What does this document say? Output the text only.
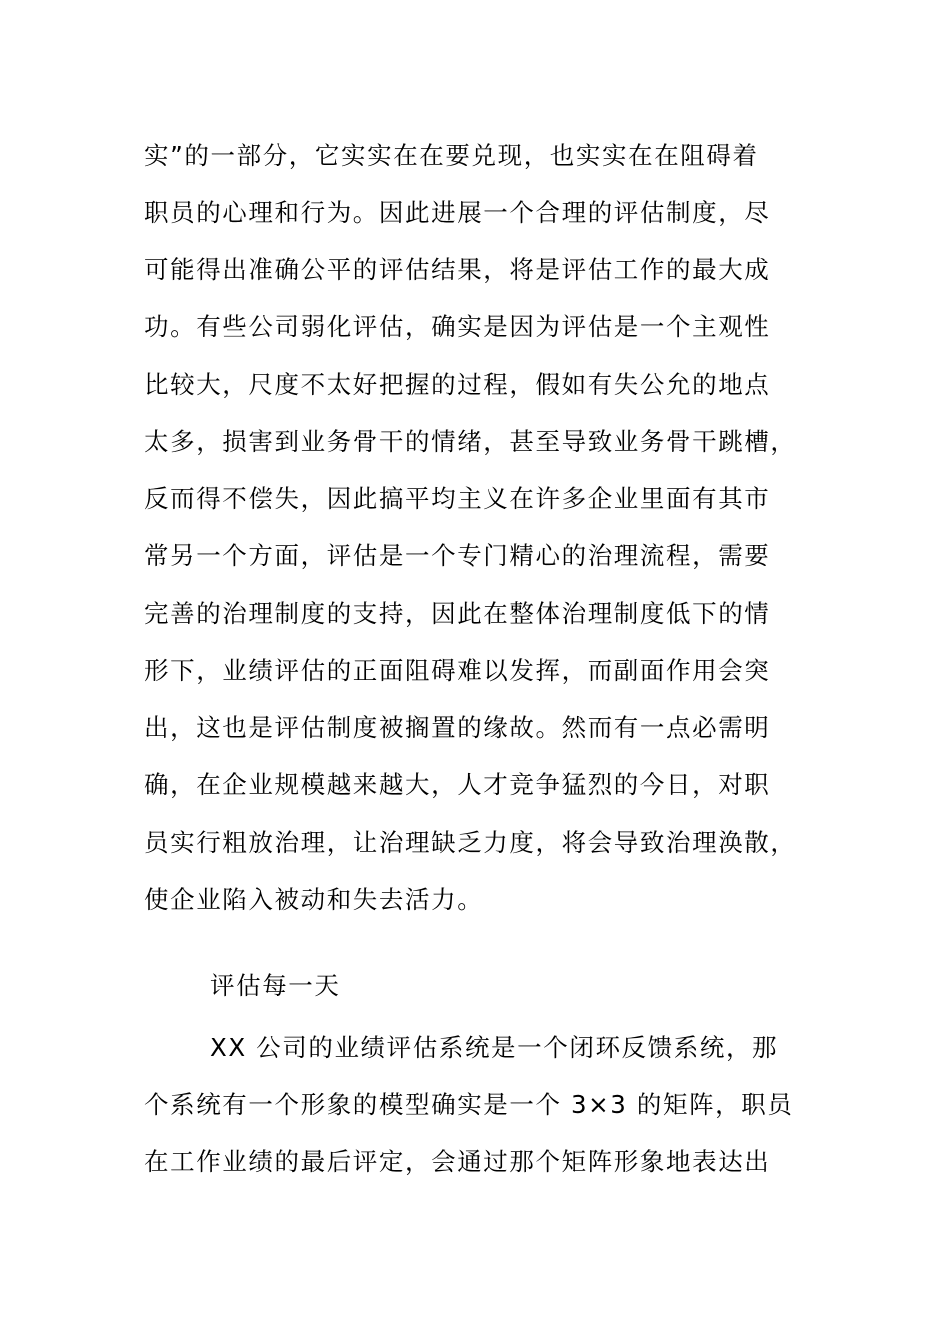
实”的一部分，它实实在在要兑现，也实实在在阻碍着
职员的心理和行为。因此进展一个合理的评估制度，尽
可能得出准确公平的评估结果，将是评估工作的最大成
功。有些公司弱化评估，确实是因为评估是一个主观性
比较大，尺度不太好把握的过程，假如有失公允的地点
太多，损害到业务骨干的情绪，甚至导致业务骨干跳槽，
反而得不偿失，因此搞平均主义在许多企业里面有其市
常另一个方面，评估是一个专门精心的治理流程，需要
完善的治理制度的支持，因此在整体治理制度低下的情
形下，业绩评估的正面阻碍难以发挥，而副面作用会突
出，这也是评估制度被搁置的缘故。然而有一点必需明
确，在企业规模越来越大，人才竞争猛烈的今日，对职
员实行粗放治理，让治理缺乏力度，将会导致治理涣散，
使企业陷入被动和失去活力。
评估每一天
XX 公司的业绩评估系统是一个闭环反馈系统，那
个系统有一个形象的模型确实是一个 3×3 的矩阵，职员
在工作业绩的最后评定，会通过那个矩阵形象地表达出
